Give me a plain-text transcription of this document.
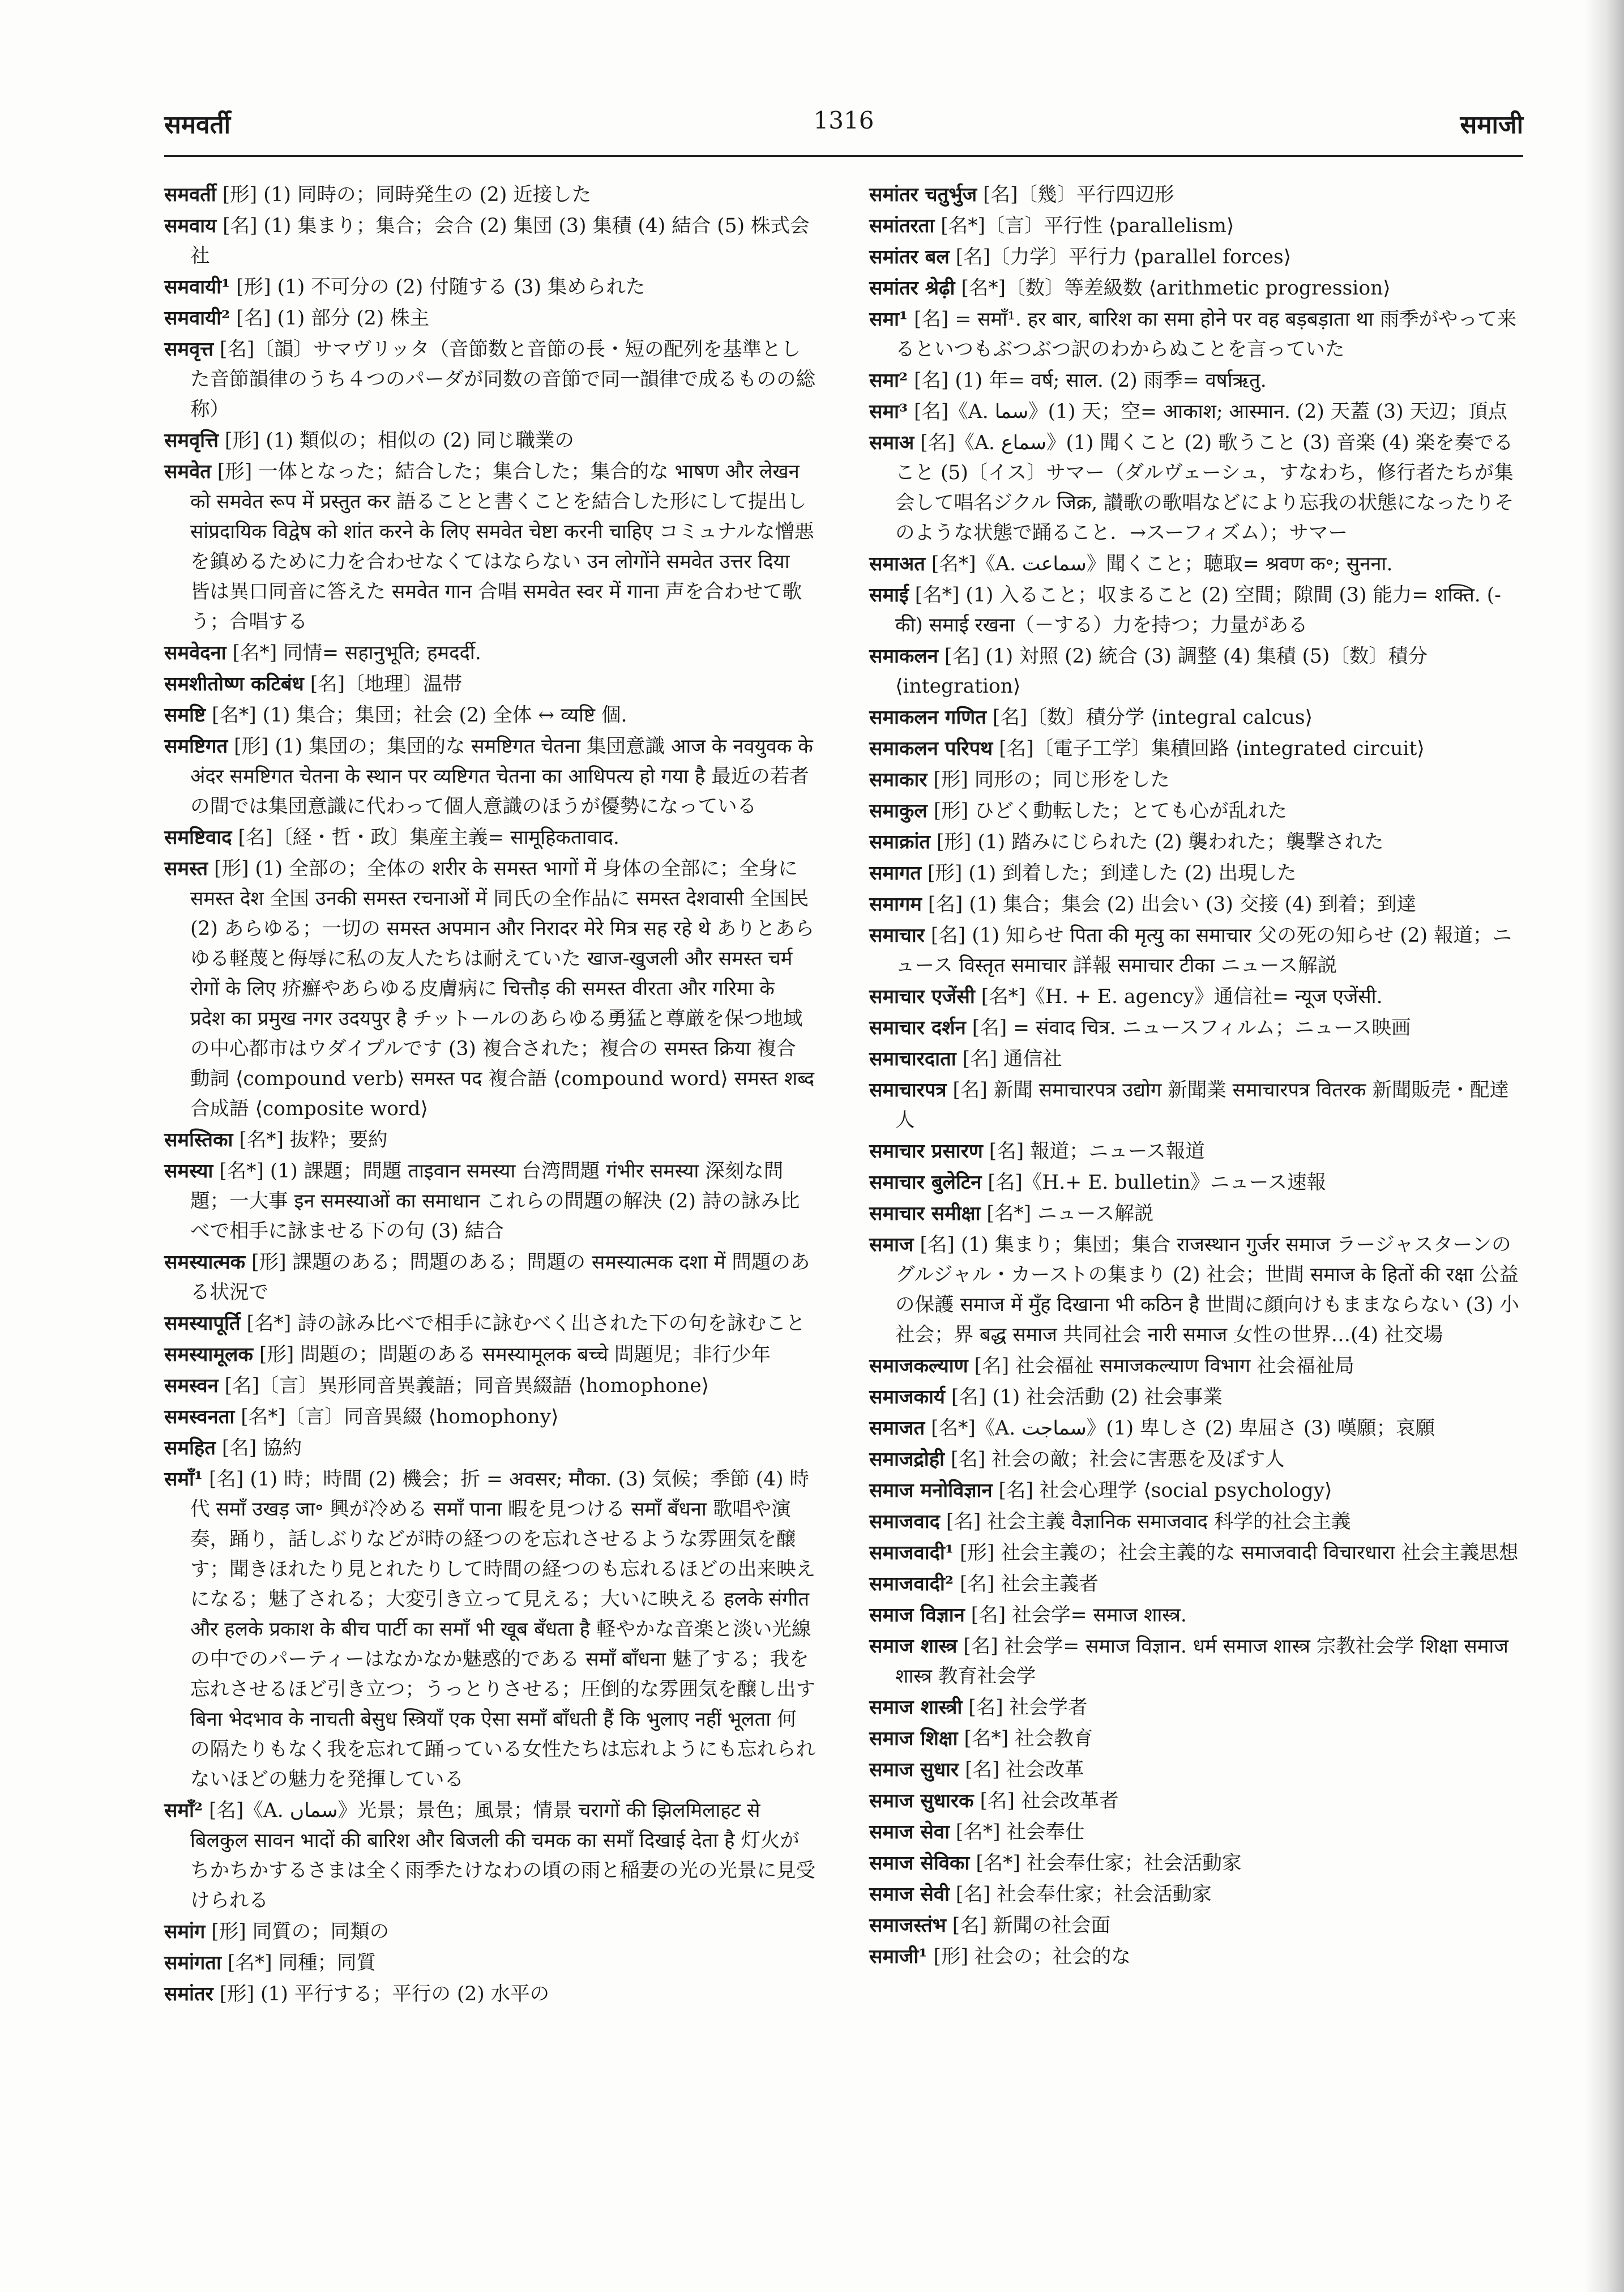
1316
समवर्ती	समाजी
समवर्ती [形] (1) 同時の；同時発生の (2) 近接した
समवाय [名] (1) 集まり；集合；会合 (2) 集団 (3) 集積 (4) 結合 (5) 株式会社
समवायी¹ [形] (1) 不可分の (2) 付随する (3) 集められた
समवायी² [名] (1) 部分 (2) 株主
समवृत्त [名]〔韻〕サマヴリッタ（音節数と音節の長・短の配列を基準とした音節韻律のうち４つのパーダが同数の音節で同一韻律で成るものの総称）
समवृत्ति [形] (1) 類似の；相似の (2) 同じ職業の
समवेत [形] 一体となった；結合した；集合した；集合的な भाषण और लेखन को समवेत रूप में प्रस्तुत कर 語ることと書くことを結合した形にして提出し सांप्रदायिक विद्वेष को शांत करने के लिए समवेत चेष्टा करनी चाहिए コミュナルな憎悪を鎮めるために力を合わせなくてはならない उन लोगोंने समवेत उत्तर दिया 皆は異口同音に答えた समवेत गान 合唱 समवेत स्वर में गाना 声を合わせて歌う；合唱する
समवेदना [名*] 同情= सहानुभूति; हमदर्दी.
समशीतोष्ण कटिबंध [名]〔地理〕温帯
समष्टि [名*] (1) 集合；集団；社会 (2) 全体 ↔ व्यष्टि 個.
समष्टिगत [形] (1) 集団の；集団的な समष्टिगत चेतना 集団意識 आज के नवयुवक के अंदर समष्टिगत चेतना के स्थान पर व्यष्टिगत चेतना का आधिपत्य हो गया है 最近の若者の間では集団意識に代わって個人意識のほうが優勢になっている
समष्टिवाद [名]〔経・哲・政〕集産主義= सामूहिकतावाद.
समस्त [形] (1) 全部の；全体の शरीर के समस्त भागों में 身体の全部に；全身に समस्त देश 全国 उनकी समस्त रचनाओं में 同氏の全作品に समस्त देशवासी 全国民 (2) あらゆる；一切の समस्त अपमान और निरादर मेरे मित्र सह रहे थे ありとあらゆる軽蔑と侮辱に私の友人たちは耐えていた खाज-खुजली और समस्त चर्म रोगों के लिए 疥癬やあらゆる皮膚病に चित्तौड़ की समस्त वीरता और गरिमा के प्रदेश का प्रमुख नगर उदयपुर है チットールのあらゆる勇猛と尊厳を保つ地域の中心都市はウダイプルです (3) 複合された；複合の समस्त क्रिया 複合動詞 ⟨compound verb⟩ समस्त पद 複合語 ⟨compound word⟩ समस्त शब्द 合成語 ⟨composite word⟩
समस्तिका [名*] 抜粋；要約
समस्या [名*] (1) 課題；問題 ताइवान समस्या 台湾問題 गंभीर समस्या 深刻な問題；一大事 इन समस्याओं का समाधान これらの問題の解決 (2) 詩の詠み比べで相手に詠ませる下の句 (3) 結合
समस्यात्मक [形] 課題のある；問題のある；問題の समस्यात्मक दशा में 問題のある状況で
समस्यापूर्ति [名*] 詩の詠み比べで相手に詠むべく出された下の句を詠むこと
समस्यामूलक [形] 問題の；問題のある समस्यामूलक बच्चे 問題児；非行少年
समस्वन [名]〔言〕異形同音異義語；同音異綴語 ⟨homophone⟩
समस्वनता [名*]〔言〕同音異綴 ⟨homophony⟩
समहित [名] 協約
समाँ¹ [名] (1) 時；時間 (2) 機会；折 = अवसर; मौका. (3) 気候；季節 (4) 時代 समाँ उखड़ जा॰ 興が冷める समाँ पाना 暇を見つける समाँ बँधना 歌唱や演奏，踊り，話しぶりなどが時の経つのを忘れさせるような雰囲気を醸す；聞きほれたり見とれたりして時間の経つのも忘れるほどの出来映えになる；魅了される；大変引き立って見える；大いに映える हलके संगीत और हलके प्रकाश के बीच पार्टी का समाँ भी खूब बँधता है 軽やかな音楽と淡い光線の中でのパーティーはなかなか魅惑的である समाँ बाँधना 魅了する；我を忘れさせるほど引き立つ；うっとりさせる；圧倒的な雰囲気を醸し出す बिना भेदभाव के नाचती बेसुध स्त्रियाँ एक ऐसा समाँ बाँधती हैं कि भुलाए नहीं भूलता 何の隔たりもなく我を忘れて踊っている女性たちは忘れようにも忘れられないほどの魅力を発揮している
समाँ² [名]《A. سماں》光景；景色；風景；情景 चरागों की झिलमिलाहट से बिलकुल सावन भादों की बारिश और बिजली की चमक का समाँ दिखाई देता है 灯火がちかちかするさまは全く雨季たけなわの頃の雨と稲妻の光の光景に見受けられる
समांग [形] 同質の；同類の
समांगता [名*] 同種；同質
समांतर [形] (1) 平行する；平行の (2) 水平の
समांतर चतुर्भुज [名]〔幾〕平行四辺形
समांतरता [名*]〔言〕平行性 ⟨parallelism⟩
समांतर बल [名]〔力学〕平行力 ⟨parallel forces⟩
समांतर श्रेढ़ी [名*]〔数〕等差級数 ⟨arithmetic progression⟩
समा¹ [名] = समाँ¹. हर बार, बारिश का समा होने पर वह बड़बड़ाता था 雨季がやって来るといつもぶつぶつ訳のわからぬことを言っていた
समा² [名] (1) 年= वर्ष; साल. (2) 雨季= वर्षाऋतु.
समा³ [名]《A. سما》(1) 天；空= आकाश; आस्मान. (2) 天蓋 (3) 天辺；頂点
समाअ [名]《A. سماع》(1) 聞くこと (2) 歌うこと (3) 音楽 (4) 楽を奏でること (5)〔イス〕サマー（ダルヴェーシュ，すなわち，修行者たちが集会して唱名ジクル जिक्र, 讃歌の歌唱などにより忘我の状態になったりそのような状態で踊ること．→スーフィズム）；サマー
समाअत [名*]《A. سماعت》聞くこと；聴取= श्रवण क॰; सुनना.
समाई [名*] (1) 入ること；収まること (2) 空間；隙間 (3) 能力= शक्ति. (-की) समाई रखना（－する）力を持つ；力量がある
समाकलन [名] (1) 対照 (2) 統合 (3) 調整 (4) 集積 (5)〔数〕積分 ⟨integration⟩
समाकलन गणित [名]〔数〕積分学 ⟨integral calcus⟩
समाकलन परिपथ [名]〔電子工学〕集積回路 ⟨integrated circuit⟩
समाकार [形] 同形の；同じ形をした
समाकुल [形] ひどく動転した；とても心が乱れた
समाक्रांत [形] (1) 踏みにじられた (2) 襲われた；襲撃された
समागत [形] (1) 到着した；到達した (2) 出現した
समागम [名] (1) 集合；集会 (2) 出会い (3) 交接 (4) 到着；到達
समाचार [名] (1) 知らせ पिता की मृत्यु का समाचार 父の死の知らせ (2) 報道；ニュース विस्तृत समाचार 詳報 समाचार टीका ニュース解説
समाचार एजेंसी [名*]《H. + E. agency》通信社= न्यूज एजेंसी.
समाचार दर्शन [名] = संवाद चित्र. ニュースフィルム；ニュース映画
समाचारदाता [名] 通信社
समाचारपत्र [名] 新聞 समाचारपत्र उद्योग 新聞業 समाचारपत्र वितरक 新聞販売・配達人
समाचार प्रसारण [名] 報道；ニュース報道
समाचार बुलेटिन [名]《H.+ E. bulletin》ニュース速報
समाचार समीक्षा [名*] ニュース解説
समाज [名] (1) 集まり；集団；集合 राजस्थान गुर्जर समाज ラージャスターンのグルジャル・カーストの集まり (2) 社会；世間 समाज के हितों की रक्षा 公益の保護 समाज में मुँह दिखाना भी कठिन है 世間に顔向けもままならない (3) 小社会；界 बद्ध समाज 共同社会 नारी समाज 女性の世界…(4) 社交場
समाजकल्याण [名] 社会福祉 समाजकल्याण विभाग 社会福祉局
समाजकार्य [名] (1) 社会活動 (2) 社会事業
समाजत [名*]《A. سماجت》(1) 卑しさ (2) 卑屈さ (3) 嘆願；哀願
समाजद्रोही [名] 社会の敵；社会に害悪を及ぼす人
समाज मनोविज्ञान [名] 社会心理学 ⟨social psychology⟩
समाजवाद [名] 社会主義 वैज्ञानिक समाजवाद 科学的社会主義
समाजवादी¹ [形] 社会主義の；社会主義的な समाजवादी विचारधारा 社会主義思想
समाजवादी² [名] 社会主義者
समाज विज्ञान [名] 社会学= समाज शास्त्र.
समाज शास्त्र [名] 社会学= समाज विज्ञान. धर्म समाज शास्त्र 宗教社会学 शिक्षा समाज शास्त्र 教育社会学
समाज शास्त्री [名] 社会学者
समाज शिक्षा [名*] 社会教育
समाज सुधार [名] 社会改革
समाज सुधारक [名] 社会改革者
समाज सेवा [名*] 社会奉仕
समाज सेविका [名*] 社会奉仕家；社会活動家
समाज सेवी [名] 社会奉仕家；社会活動家
समाजस्तंभ [名] 新聞の社会面
समाजी¹ [形] 社会の；社会的な
